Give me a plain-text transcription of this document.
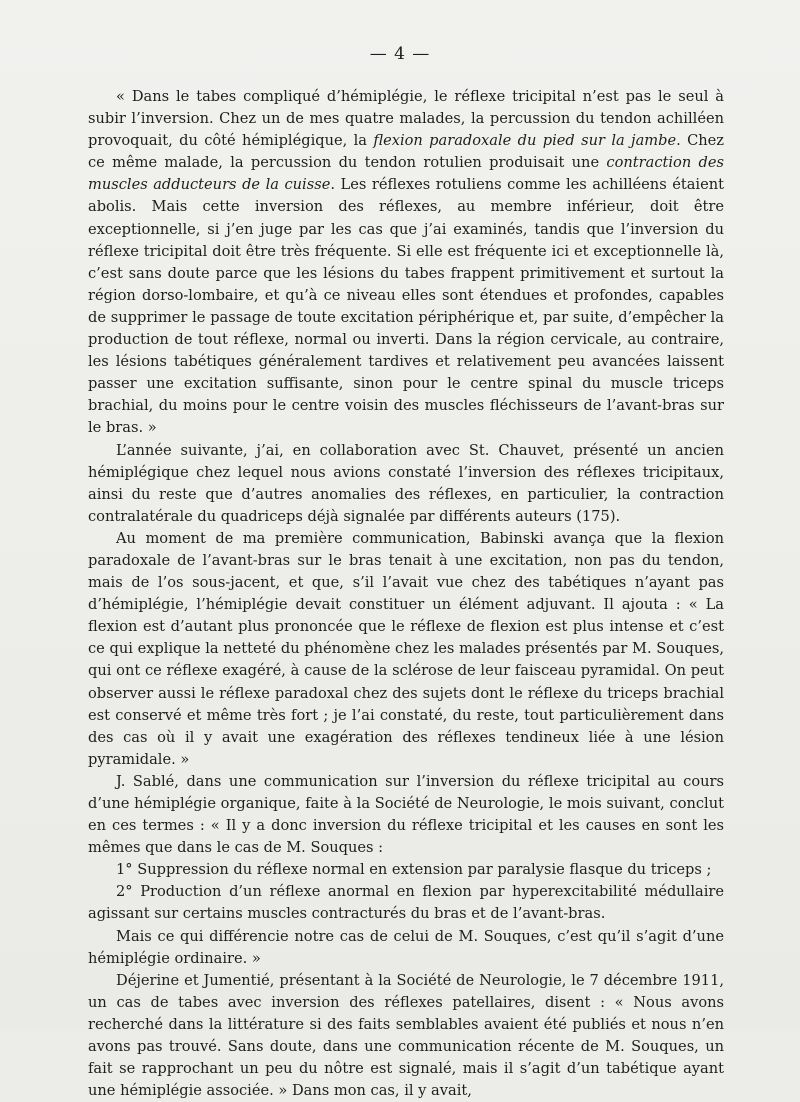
— 4 —

« Dans le tabes compliqué d’hémiplégie, le réflexe tricipital n’est pas le seul à subir l’inversion. Chez un de mes quatre malades, la percussion du tendon achilléen provoquait, du côté hémiplégique, la flexion paradoxale du pied sur la jambe. Chez ce même malade, la percussion du tendon rotulien produisait une contraction des muscles adducteurs de la cuisse. Les réflexes rotuliens comme les achilléens étaient abolis. Mais cette inversion des réflexes, au membre inférieur, doit être exceptionnelle, si j’en juge par les cas que j’ai examinés, tandis que l’inversion du réflexe tricipital doit être très fréquente. Si elle est fréquente ici et exceptionnelle là, c’est sans doute parce que les lésions du tabes frappent primitivement et surtout la région dorso-lombaire, et qu’à ce niveau elles sont étendues et profondes, capables de supprimer le passage de toute excitation périphérique et, par suite, d’empêcher la production de tout réflexe, normal ou inverti. Dans la région cervicale, au contraire, les lésions tabétiques généralement tardives et relativement peu avancées laissent passer une excitation suffisante, sinon pour le centre spinal du muscle triceps brachial, du moins pour le centre voisin des muscles fléchisseurs de l’avant-bras sur le bras. »

L’année suivante, j’ai, en collaboration avec St. Chauvet, présenté un ancien hémiplégique chez lequel nous avions constaté l’inversion des réflexes tricipitaux, ainsi du reste que d’autres anomalies des réflexes, en particulier, la contraction contralatérale du quadriceps déjà signalée par différents auteurs (175).

Au moment de ma première communication, Babinski avança que la flexion paradoxale de l’avant-bras sur le bras tenait à une excitation, non pas du tendon, mais de l’os sous-jacent, et que, s’il l’avait vue chez des tabétiques n’ayant pas d’hémiplégie, l’hémiplégie devait constituer un élément adjuvant. Il ajouta : « La flexion est d’autant plus prononcée que le réflexe de flexion est plus intense et c’est ce qui explique la netteté du phénomène chez les malades présentés par M. Souques, qui ont ce réflexe exagéré, à cause de la sclérose de leur faisceau pyramidal. On peut observer aussi le réflexe paradoxal chez des sujets dont le réflexe du triceps brachial est conservé et même très fort ; je l’ai constaté, du reste, tout particulièrement dans des cas où il y avait une exagération des réflexes tendineux liée à une lésion pyramidale. »

J. Sablé, dans une communication sur l’inversion du réflexe tricipital au cours d’une hémiplégie organique, faite à la Société de Neurologie, le mois suivant, conclut en ces termes : « Il y a donc inversion du réflexe tricipital et les causes en sont les mêmes que dans le cas de M. Souques :

1° Suppression du réflexe normal en extension par paralysie flasque du triceps ;

2° Production d’un réflexe anormal en flexion par hyperexcitabilité médullaire agissant sur certains muscles contracturés du bras et de l’avant-bras.

Mais ce qui différencie notre cas de celui de M. Souques, c’est qu’il s’agit d’une hémiplégie ordinaire. »

Déjerine et Jumentié, présentant à la Société de Neurologie, le 7 décembre 1911, un cas de tabes avec inversion des réflexes patellaires, disent : « Nous avons recherché dans la littérature si des faits semblables avaient été publiés et nous n’en avons pas trouvé. Sans doute, dans une communication récente de M. Souques, un fait se rapprochant un peu du nôtre est signalé, mais il s’agit d’un tabétique ayant une hémiplégie associée. » Dans mon cas, il y avait,
